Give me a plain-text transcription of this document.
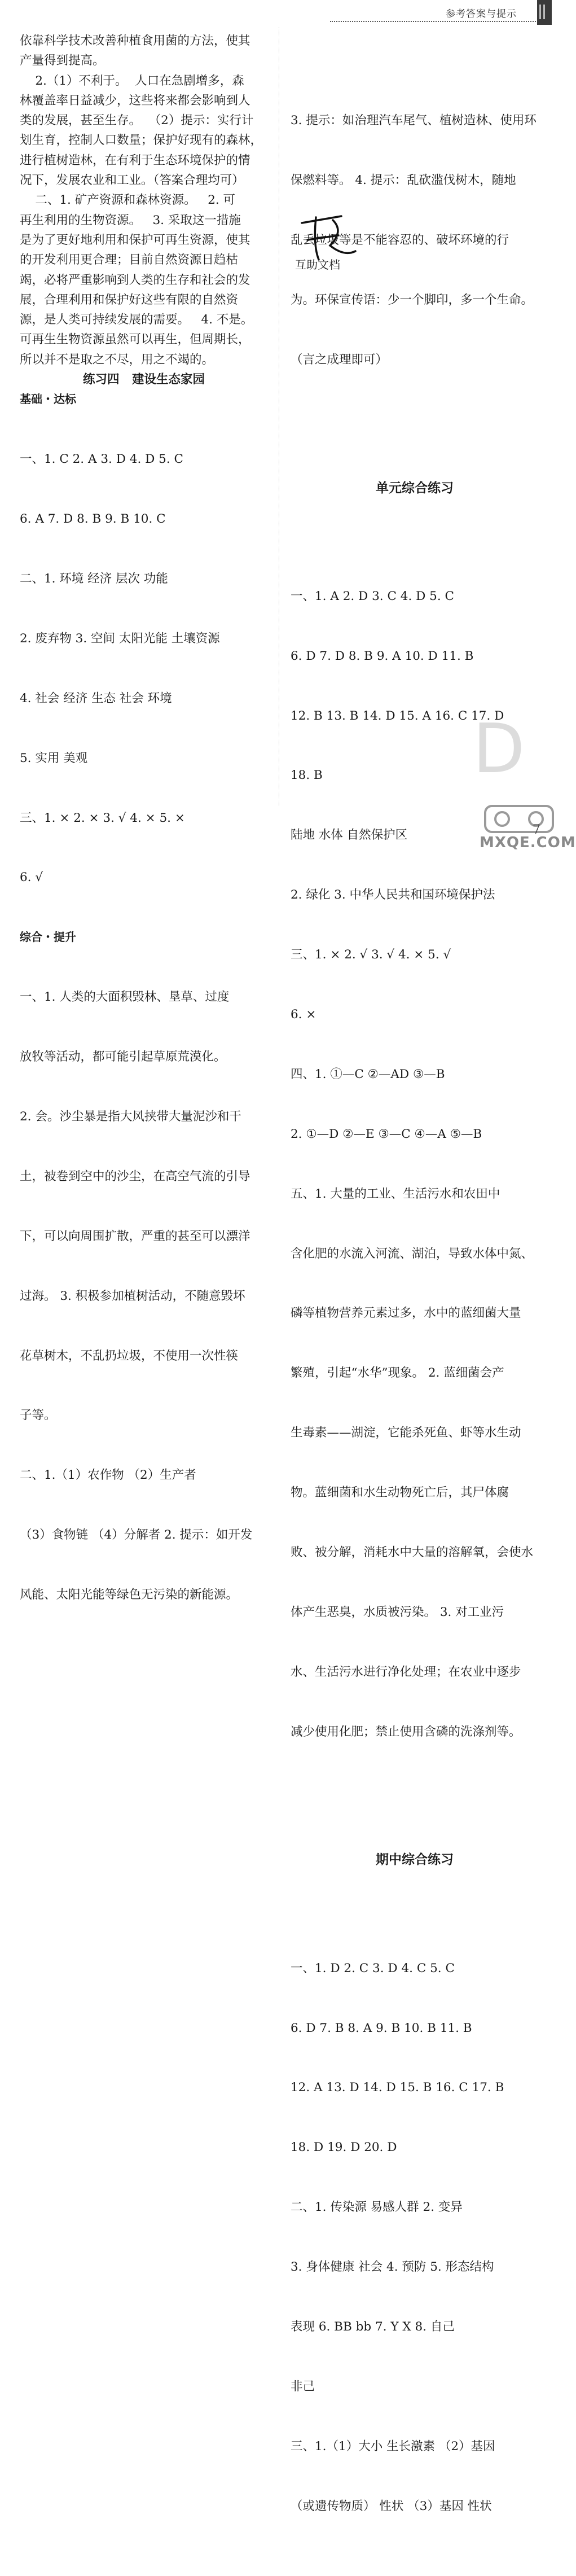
参考答案与提示
依靠科学技术改善种植食用菌的方法，使其
产量得到提高。
2.（1）不利于。  人口在急剧增多，森
林覆盖率日益减少，这些将来都会影响到人
类的发展，甚至生存。  （2）提示：实行计
划生育，控制人口数量；保护好现有的森林，
进行植树造林，在有利于生态环境保护的情
况下，发展农业和工业。（答案合理均可）
二、1. 矿产资源和森林资源。   2. 可
再生利用的生物资源。   3. 采取这一措施
是为了更好地利用和保护可再生资源，使其
的开发利用更合理；目前自然资源日趋枯
竭，必将严重影响到人类的生存和社会的发
展，合理利用和保护好这些有限的自然资
源，是人类可持续发展的需要。   4. 不是。
可再生生物资源虽然可以再生，但周期长，
所以并不是取之不尽，用之不竭的。
练习四   建设生态家园
基础・达标

一、1. C 2. A 3. D 4. D 5. C

6. A 7. D 8. B 9. B 10. C

二、1. 环境 经济 层次 功能

2. 废弃物 3. 空间 太阳光能 土壤资源

4. 社会 经济 生态 社会 环境

5. 实用 美观

三、1. × 2. × 3. √ 4. × 5. ×

6. √

综合・提升

一、1. 人类的大面积毁林、垦草、过度

放牧等活动，都可能引起草原荒漠化。

2. 会。沙尘暴是指大风挟带大量泥沙和干

土，被卷到空中的沙尘，在高空气流的引导

下，可以向周围扩散，严重的甚至可以漂洋

过海。 3. 积极参加植树活动，不随意毁坏

花草树木，不乱扔垃圾，不使用一次性筷

子等。

二、1.（1）农作物 （2）生产者

（3）食物链 （4）分解者 2. 提示：如开发

风能、太阳光能等绿色无污染的新能源。

3. 提示：如治理汽车尾气、植树造林、使用环

保燃料等。 4. 提示：乱砍滥伐树木，随地

乱丢垃圾等是不能容忍的、破坏环境的行

为。环保宣传语：少一个脚印，多一个生命。

（言之成理即可）

单元综合练习

一、1. A 2. D 3. C 4. D 5. C

6. D 7. D 8. B 9. A 10. D 11. B

12. B 13. B 14. D 15. A 16. C 17. D

18. B

陆地 水体 自然保护区

2. 绿化 3. 中华人民共和国环境保护法

三、1. × 2. √ 3. √ 4. × 5. √

6. ×

四、1. ①—C ②—AD ③—B

2. ①—D ②—E ③—C ④—A ⑤—B

五、1. 大量的工业、生活污水和农田中

含化肥的水流入河流、湖泊，导致水体中氮、

磷等植物营养元素过多，水中的蓝细菌大量

繁殖，引起“水华”现象。 2. 蓝细菌会产

生毒素——湖淀，它能杀死鱼、虾等水生动

物。蓝细菌和水生动物死亡后，其尸体腐

败、被分解，消耗水中大量的溶解氧，会使水

体产生恶臭，水质被污染。 3. 对工业污

水、生活污水进行净化处理；在农业中逐步

减少使用化肥；禁止使用含磷的洗涤剂等。

期中综合练习

一、1. D 2. C 3. D 4. C 5. C

6. D 7. B 8. A 9. B 10. B 11. B

12. A 13. D 14. D 15. B 16. C 17. B

18. D 19. D 20. D

二、1. 传染源 易感人群 2. 变异

3. 身体健康 社会 4. 预防 5. 形态结构

表现 6. BB bb 7. Y X 8. 自己

非己

三、1.（1）大小 生长激素 （2）基因

（或遗传物质） 性状 （3）基因 性状

互助文档
D
MXQE.COM
7
